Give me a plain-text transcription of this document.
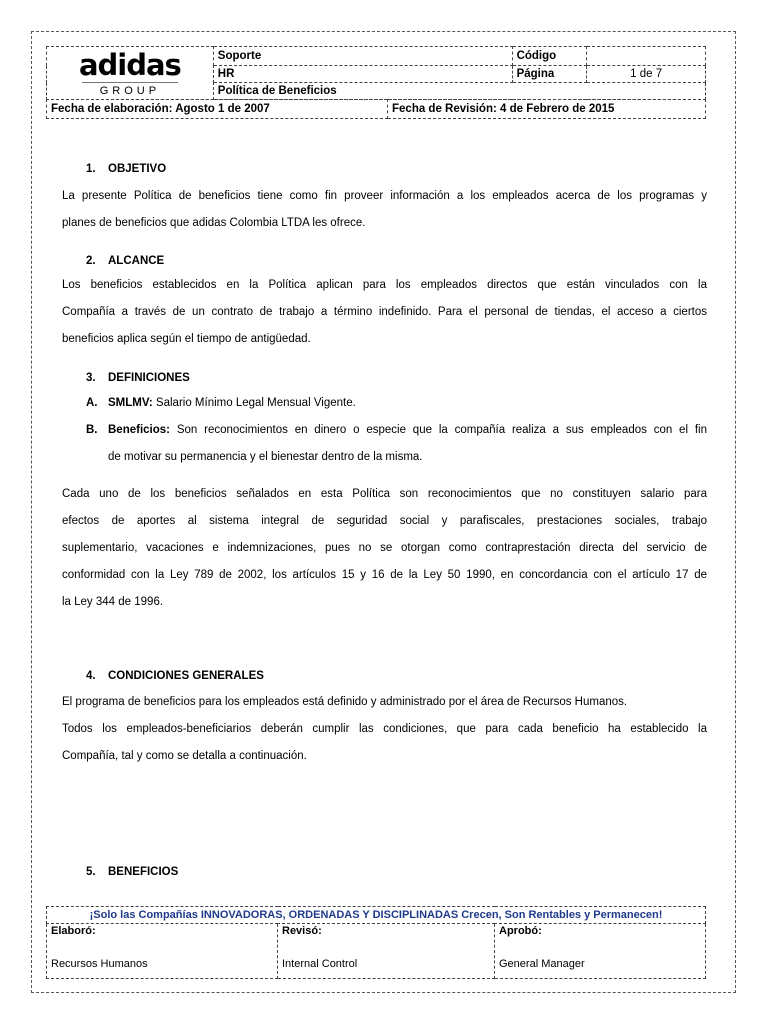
adidas
GROUP	Soporte	Código	
	HR	Página	1 de 7
	Política de Beneficios		
Fecha de elaboración: Agosto 1 de 2007	Fecha de Revisión: 4 de Febrero de 2015
1. OBJETIVO
La presente Política de beneficios tiene como fin proveer información a los empleados acerca de los programas y
planes de beneficios que adidas Colombia LTDA les ofrece.
2. ALCANCE
Los beneficios establecidos en la Política aplican para los empleados directos que están vinculados con la
Compañía a través de un contrato de trabajo a término indefinido. Para el personal de tiendas, el acceso a ciertos
beneficios aplica según el tiempo de antigüedad.
3. DEFINICIONES
A. SMLMV: Salario Mínimo Legal Mensual Vigente.
B. Beneficios: Son reconocimientos en dinero o especie que la compañía realiza a sus empleados con el fin
de motivar su permanencia y el bienestar dentro de la misma.
Cada uno de los beneficios señalados en esta Política son reconocimientos que no constituyen salario para
efectos de aportes al sistema integral de seguridad social y parafiscales, prestaciones sociales, trabajo
suplementario, vacaciones e indemnizaciones, pues no se otorgan como contraprestación directa del servicio de
conformidad con la Ley 789 de 2002, los artículos 15 y 16 de la Ley 50 1990, en concordancia con el artículo 17 de
la Ley 344 de 1996.
4. CONDICIONES GENERALES
El programa de beneficios para los empleados está definido y administrado por el área de Recursos Humanos.
Todos los empleados-beneficiarios deberán cumplir las condiciones, que para cada beneficio ha establecido la
Compañía, tal y como se detalla a continuación.
5. BENEFICIOS
¡Solo las Compañías INNOVADORAS, ORDENADAS Y DISCIPLINADAS Crecen, Son Rentables y Permanecen!

Elaboró:
Recursos Humanos

Revisó:
Internal Control

Aprobó:
General Manager
